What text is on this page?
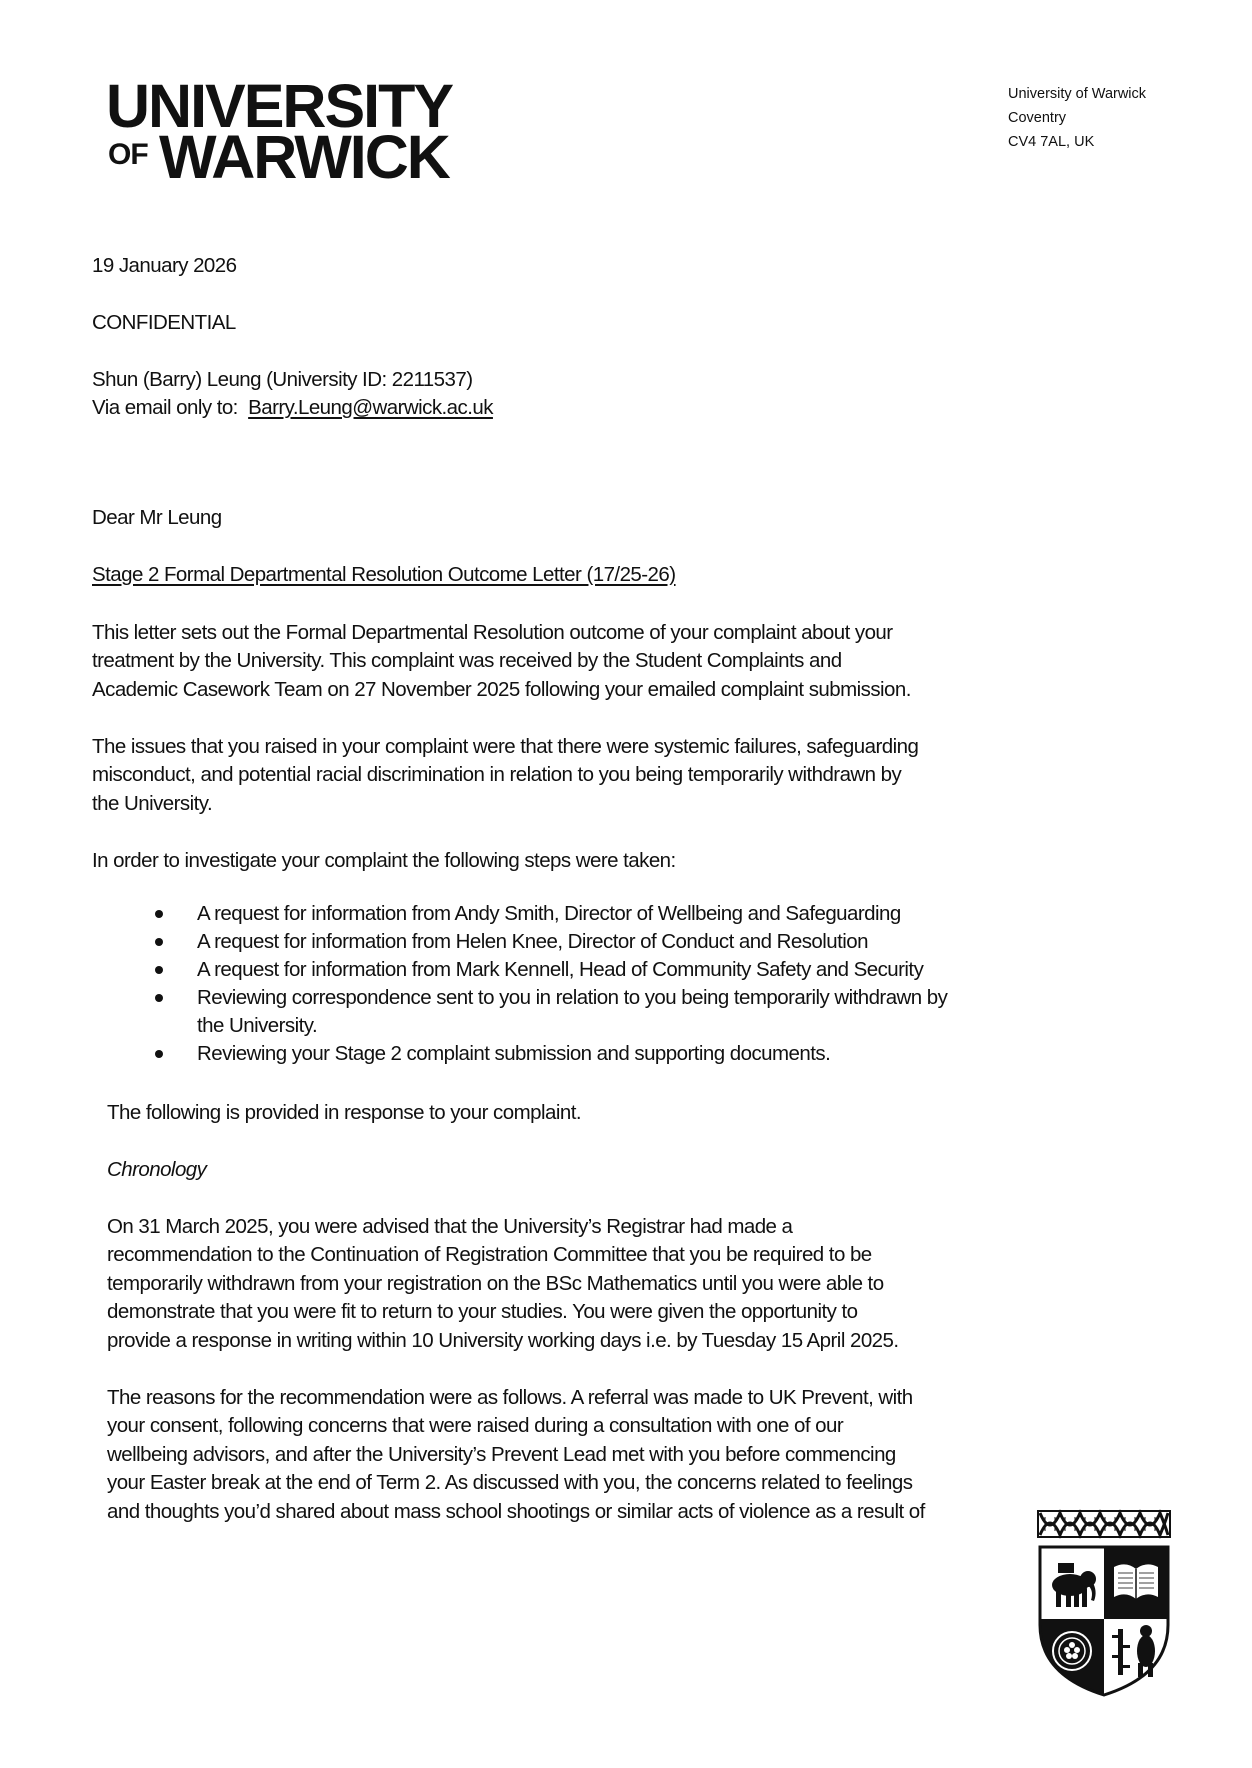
UNIVERSITY
OF WARWICK
University of Warwick
Coventry
CV4 7AL, UK
19 January 2026
CONFIDENTIAL
Shun (Barry) Leung (University ID: 2211537)
Via email only to:  Barry.Leung@warwick.ac.uk
Dear Mr Leung
Stage 2 Formal Departmental Resolution Outcome Letter (17/25-26)
This letter sets out the Formal Departmental Resolution outcome of your complaint about your
treatment by the University. This complaint was received by the Student Complaints and
Academic Casework Team on 27 November 2025 following your emailed complaint submission.
The issues that you raised in your complaint were that there were systemic failures, safeguarding
misconduct, and potential racial discrimination in relation to you being temporarily withdrawn by
the University.
In order to investigate your complaint the following steps were taken:
A request for information from Andy Smith, Director of Wellbeing and Safeguarding
A request for information from Helen Knee, Director of Conduct and Resolution
A request for information from Mark Kennell, Head of Community Safety and Security
Reviewing correspondence sent to you in relation to you being temporarily withdrawn by
the University.
Reviewing your Stage 2 complaint submission and supporting documents.
The following is provided in response to your complaint.
Chronology
On 31 March 2025, you were advised that the University’s Registrar had made a
recommendation to the Continuation of Registration Committee that you be required to be
temporarily withdrawn from your registration on the BSc Mathematics until you were able to
demonstrate that you were fit to return to your studies. You were given the opportunity to
provide a response in writing within 10 University working days i.e. by Tuesday 15 April 2025.
The reasons for the recommendation were as follows. A referral was made to UK Prevent, with
your consent, following concerns that were raised during a consultation with one of our
wellbeing advisors, and after the University’s Prevent Lead met with you before commencing
your Easter break at the end of Term 2. As discussed with you, the concerns related to feelings
and thoughts you’d shared about mass school shootings or similar acts of violence as a result of
